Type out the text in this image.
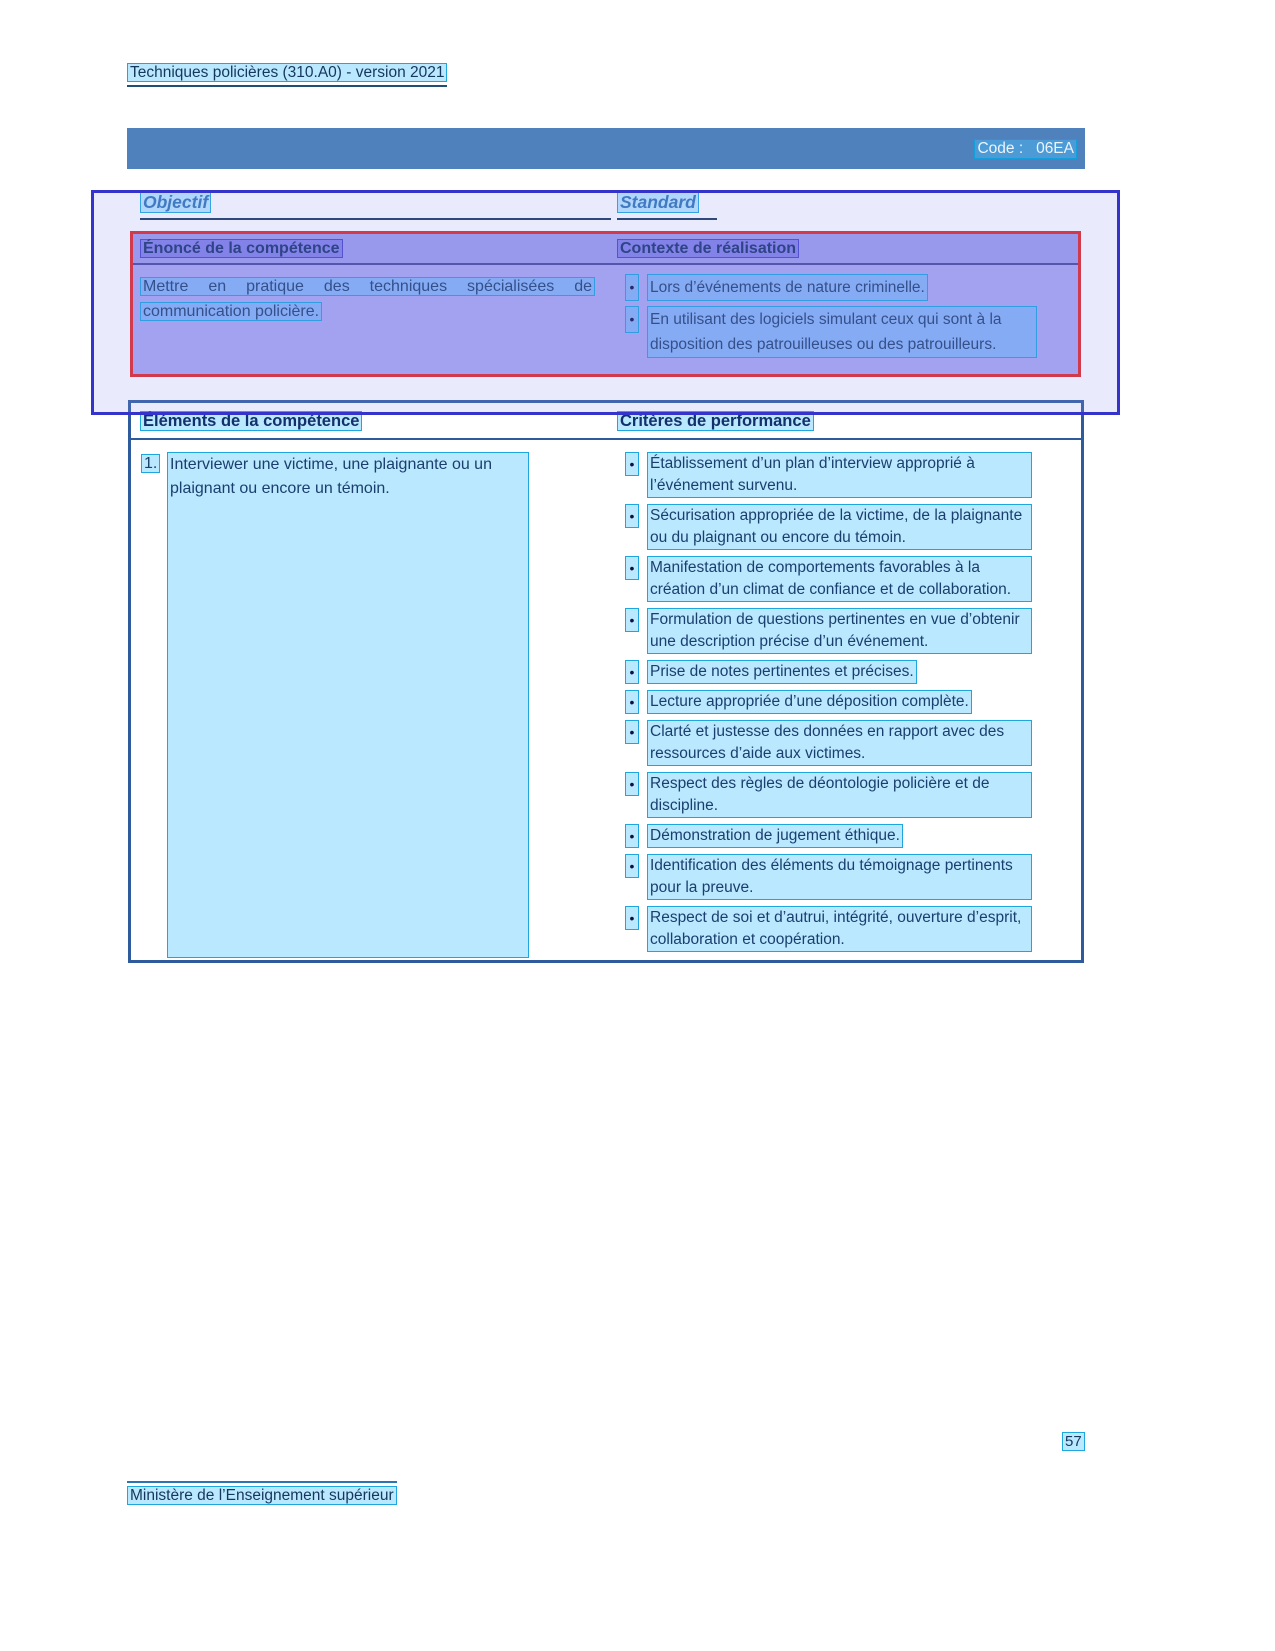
Techniques policières (310.A0) - version 2021
Code :   06EA
Objectif	Standard
Énoncé de la compétence	Contexte de réalisation
Mettre en pratique des techniques spécialisées de communication policière.
• Lors d’événements de nature criminelle.
• En utilisant des logiciels simulant ceux qui sont à la disposition des patrouilleuses ou des patrouilleurs.
Éléments de la compétence	Critères de performance
1. Interviewer une victime, une plaignante ou un plaignant ou encore un témoin.
• Établissement d’un plan d’interview approprié à l’événement survenu.
• Sécurisation appropriée de la victime, de la plaignante ou du plaignant ou encore du témoin.
• Manifestation de comportements favorables à la création d’un climat de confiance et de collaboration.
• Formulation de questions pertinentes en vue d’obtenir une description précise d’un événement.
• Prise de notes pertinentes et précises.
• Lecture appropriée d’une déposition complète.
• Clarté et justesse des données en rapport avec des ressources d’aide aux victimes.
• Respect des règles de déontologie policière et de discipline.
• Démonstration de jugement éthique.
• Identification des éléments du témoignage pertinents pour la preuve.
• Respect de soi et d’autrui, intégrité, ouverture d’esprit, collaboration et coopération.
57
Ministère de l’Enseignement supérieur
